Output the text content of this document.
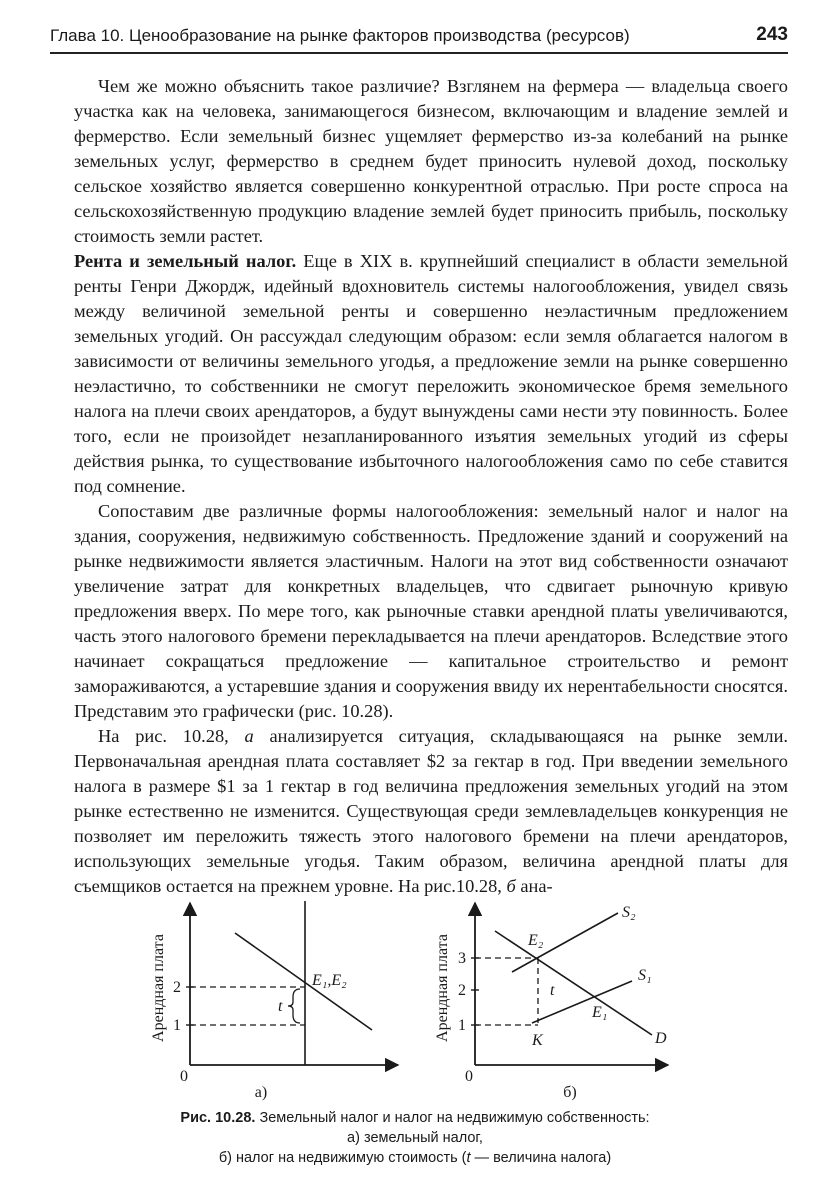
Глава 10. Ценообразование на рынке факторов производства (ресурсов)	243

Чем же можно объяснить такое различие? Взглянем на фермера — владельца своего участка как на человека, занимающегося бизнесом, включающим и владение землей и фермерство. Если земельный бизнес ущемляет фермерство из-за колебаний на рынке земельных услуг, фермерство в среднем будет приносить нулевой доход, поскольку сельское хозяйство является совершенно конкурентной отраслью. При росте спроса на сельскохозяйственную продукцию владение землей будет приносить прибыль, поскольку стоимость земли растет.

Рента и земельный налог. Еще в XIX в. крупнейший специалист в области земельной ренты Генри Джордж, идейный вдохновитель системы налогообложения, увидел связь между величиной земельной ренты и совершенно неэластичным предложением земельных угодий. Он рассуждал следующим образом: если земля облагается налогом в зависимости от величины земельного угодья, а предложение земли на рынке совершенно неэластично, то собственники не смогут переложить экономическое бремя земельного налога на плечи своих арендаторов, а будут вынуждены сами нести эту повинность. Более того, если не произойдет незапланированного изъятия земельных угодий из сферы действия рынка, то существование избыточного налогообложения само по себе ставится под сомнение.

Сопоставим две различные формы налогообложения: земельный налог и налог на здания, сооружения, недвижимую собственность. Предложение зданий и сооружений на рынке недвижимости является эластичным. Налоги на этот вид собственности означают увеличение затрат для конкретных владельцев, что сдвигает рыночную кривую предложения вверх. По мере того, как рыночные ставки арендной платы увеличиваются, часть этого налогового бремени перекладывается на плечи арендаторов. Вследствие этого начинает сокращаться предложение — капитальное строительство и ремонт замораживаются, а устаревшие здания и сооружения ввиду их нерентабельности сносятся. Представим это графически (рис. 10.28).

На рис. 10.28, а анализируется ситуация, складывающаяся на рынке земли. Первоначальная арендная плата составляет $2 за гектар в год. При введении земельного налога в размере $1 за 1 гектар в год величина предложения земельных угодий на этом рынке естественно не изменится. Существующая среди землевладельцев конкуренция не позволяет им переложить тяжесть этого налогового бремени на плечи арендаторов, использующих земельные угодья. Таким образом, величина арендной платы для съемщиков остается на прежнем уровне. На рис.10.28, б ана-

Арендная плата 2
1
0
E₁,E₂
t
а)
Арендная плата 3
2
1
0
S₂
S₁
D
E₂
E₁
K
t
б)
Рис. 10.28. Земельный налог и налог на недвижимую собственность:
а) земельный налог,
б) налог на недвижимую стоимость (t — величина налога)
